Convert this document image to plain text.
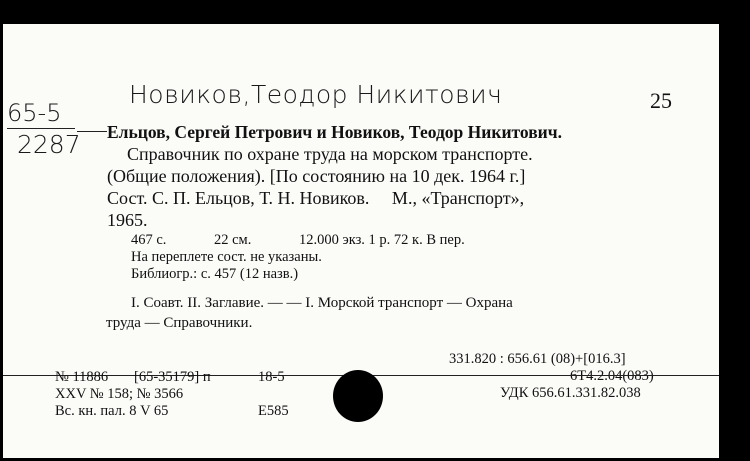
65-5
2287
Новиков,Теодор Никитович	25
Ельцов, Сергей Петрович и Новиков, Теодор Никитович.
Справочник по охране труда на морском транспорте.
(Общие положения). [По состоянию на 10 дек. 1964 г.]
Сост. С. П. Ельцов, Т. Н. Новиков.     М., «Транспорт»,
1965.
467 с.	22 см.	12.000 экз. 1 р. 72 к. В пер.
На переплете сост. не указаны.
Библиогр.: с. 457 (12 назв.)
I. Соавт. II. Заглавие. — — I. Морской транспорт — Охрана
труда — Справочники.
331.820 : 656.61 (08)+[016.3]
6Т4.2.04(083)
УДК 656.61.331.82.038
№ 11886 [65-35179] п	18-5
XXV № 158; № 3566
Вс. кн. пал. 8 V 65	Е585
